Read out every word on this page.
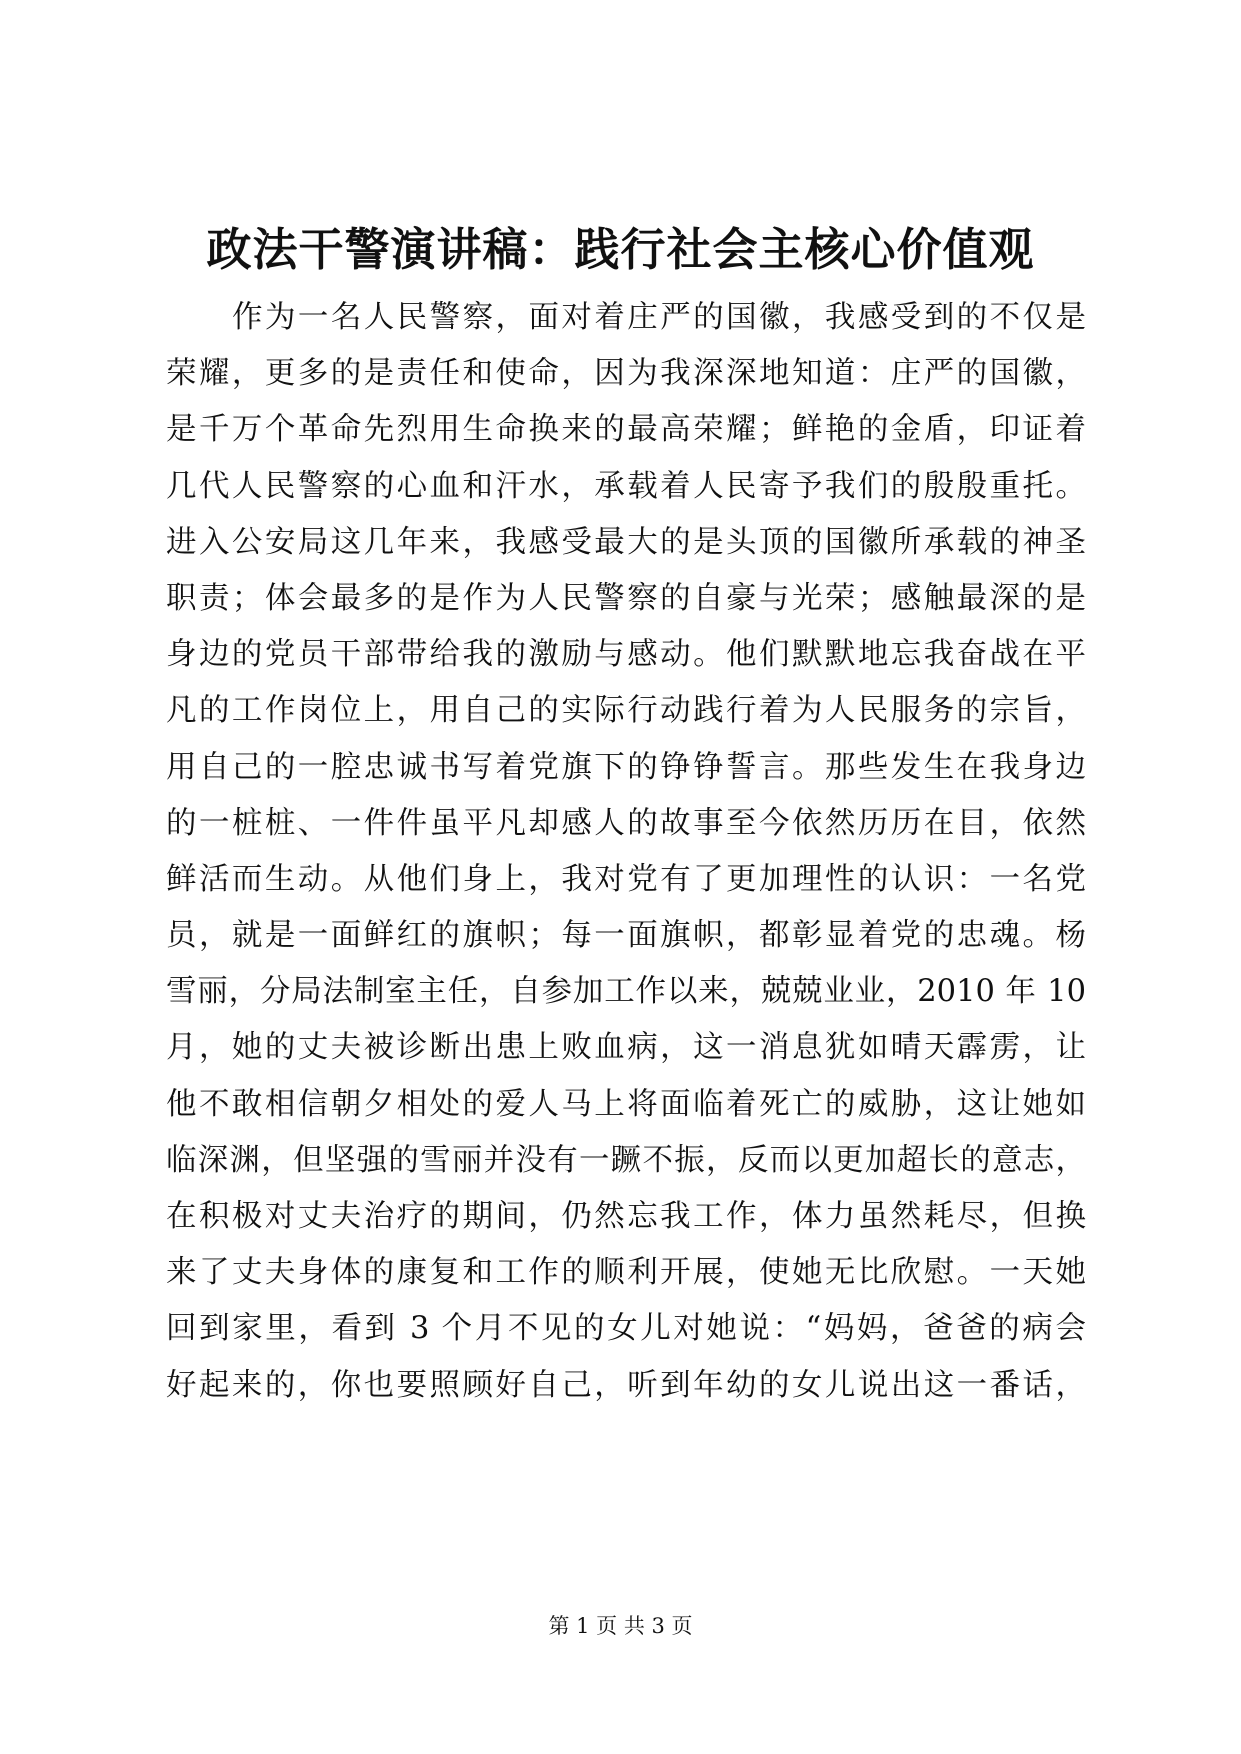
政法干警演讲稿：践行社会主核心价值观
作为一名人民警察，面对着庄严的国徽，我感受到的不仅是
荣耀，更多的是责任和使命，因为我深深地知道：庄严的国徽，
是千万个革命先烈用生命换来的最高荣耀；鲜艳的金盾，印证着
几代人民警察的心血和汗水，承载着人民寄予我们的殷殷重托。
进入公安局这几年来，我感受最大的是头顶的国徽所承载的神圣
职责；体会最多的是作为人民警察的自豪与光荣；感触最深的是
身边的党员干部带给我的激励与感动。他们默默地忘我奋战在平
凡的工作岗位上，用自己的实际行动践行着为人民服务的宗旨，
用自己的一腔忠诚书写着党旗下的铮铮誓言。那些发生在我身边
的一桩桩、一件件虽平凡却感人的故事至今依然历历在目，依然
鲜活而生动。从他们身上，我对党有了更加理性的认识：一名党
员，就是一面鲜红的旗帜；每一面旗帜，都彰显着党的忠魂。杨
雪丽，分局法制室主任，自参加工作以来，兢兢业业，2010 年 10
月，她的丈夫被诊断出患上败血病，这一消息犹如晴天霹雳，让
他不敢相信朝夕相处的爱人马上将面临着死亡的威胁，这让她如
临深渊，但坚强的雪丽并没有一蹶不振，反而以更加超长的意志，
在积极对丈夫治疗的期间，仍然忘我工作，体力虽然耗尽，但换
来了丈夫身体的康复和工作的顺利开展，使她无比欣慰。一天她
回到家里，看到 3 个月不见的女儿对她说：“妈妈，爸爸的病会
好起来的，你也要照顾好自己，听到年幼的女儿说出这一番话，
第 1 页 共 3 页
